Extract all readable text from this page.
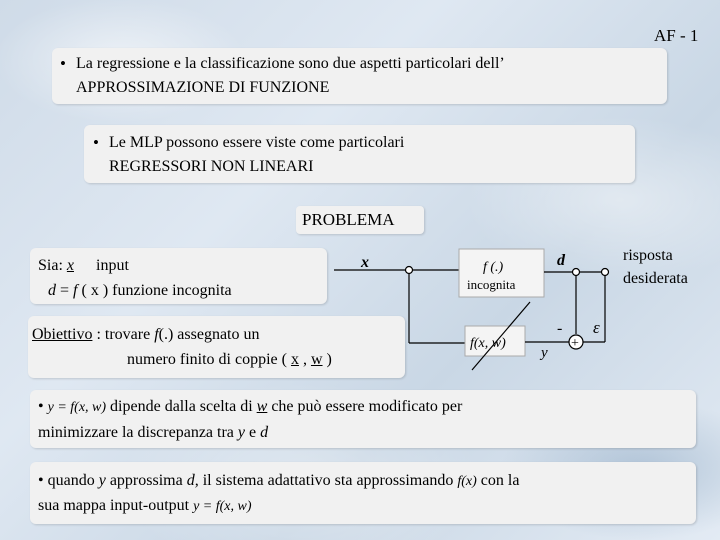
AF - 1
• La regressione e la classificazione sono due aspetti particolari dell’
APPROSSIMAZIONE DI FUNZIONE
• Le MLP possono essere viste come particolari
REGRESSORI NON LINEARI
PROBLEMA
Sia: x input
d = f ( x ) funzione incognita
Obiettivo : trovare f(.) assegnato un
numero finito di coppie ( x , w )
f (.)
incognita
d
f(x, w)
y
+
-
x
ε
risposta
desiderata
• y = f(x, w) dipende dalla scelta di w che può essere modificato per
minimizzare la discrepanza tra y e d
• quando y approssima d, il sistema adattativo sta approssimando f(x) con la
sua mappa input-output y = f(x, w)
